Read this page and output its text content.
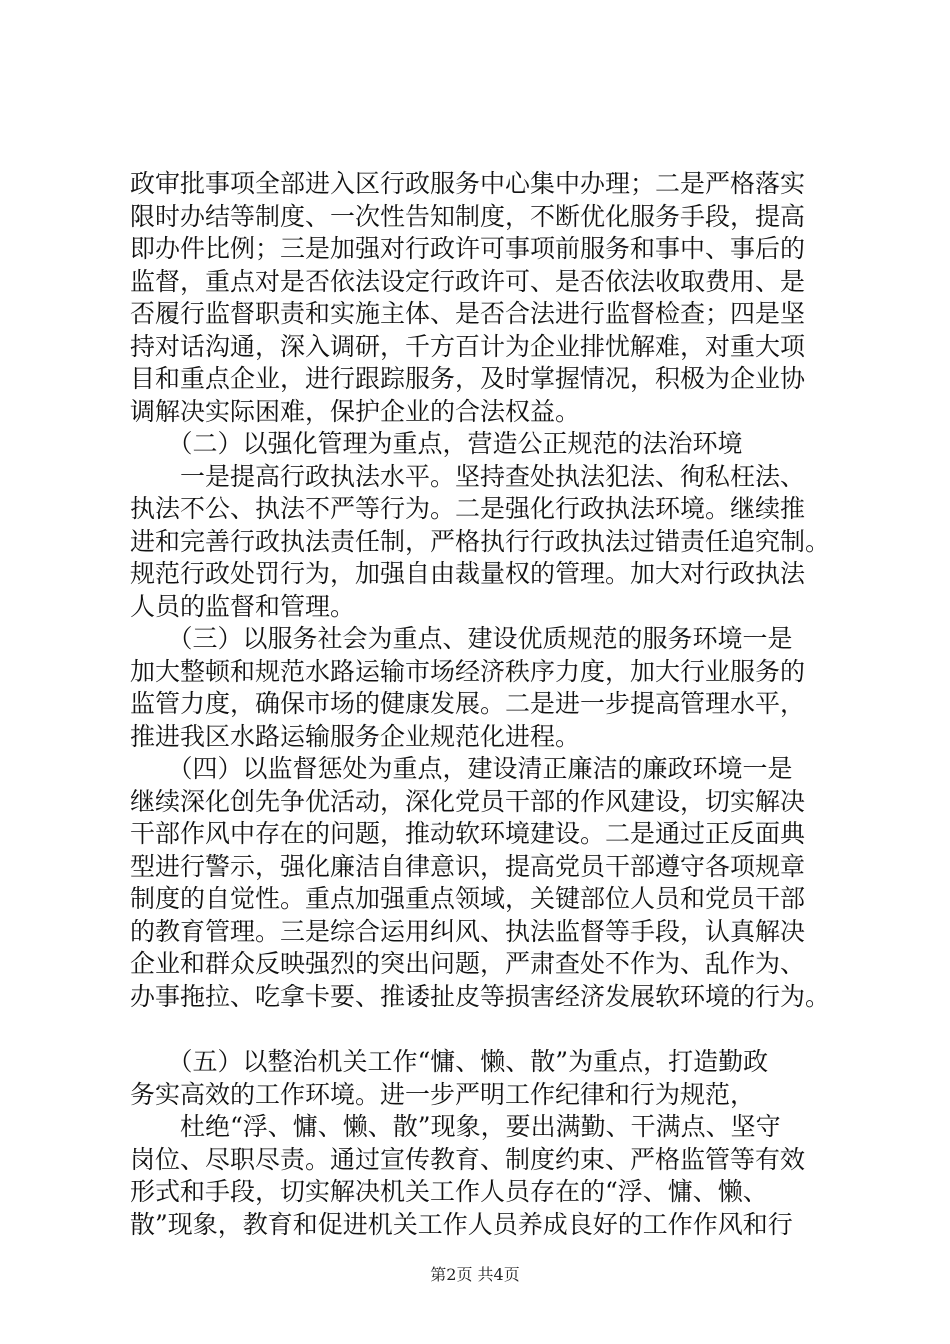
政审批事项全部进入区行政服务中心集中办理；二是严格落实
限时办结等制度、一次性告知制度，不断优化服务手段，提高
即办件比例；三是加强对行政许可事项前服务和事中、事后的
监督，重点对是否依法设定行政许可、是否依法收取费用、是
否履行监督职责和实施主体、是否合法进行监督检查；四是坚
持对话沟通，深入调研，千方百计为企业排忧解难，对重大项
目和重点企业，进行跟踪服务，及时掌握情况，积极为企业协
调解决实际困难，保护企业的合法权益。
　　（二）以强化管理为重点，营造公正规范的法治环境
　　一是提高行政执法水平。坚持查处执法犯法、徇私枉法、
执法不公、执法不严等行为。二是强化行政执法环境。继续推
进和完善行政执法责任制，严格执行行政执法过错责任追究制。
规范行政处罚行为，加强自由裁量权的管理。加大对行政执法
人员的监督和管理。
　　（三）以服务社会为重点、建设优质规范的服务环境一是
加大整顿和规范水路运输市场经济秩序力度，加大行业服务的
监管力度，确保市场的健康发展。二是进一步提高管理水平，
推进我区水路运输服务企业规范化进程。
　　（四）以监督惩处为重点，建设清正廉洁的廉政环境一是
继续深化创先争优活动，深化党员干部的作风建设，切实解决
干部作风中存在的问题，推动软环境建设。二是通过正反面典
型进行警示，强化廉洁自律意识，提高党员干部遵守各项规章
制度的自觉性。重点加强重点领域，关键部位人员和党员干部
的教育管理。三是综合运用纠风、执法监督等手段，认真解决
企业和群众反映强烈的突出问题，严肃查处不作为、乱作为、
办事拖拉、吃拿卡要、推诿扯皮等损害经济发展软环境的行为。
　　（五）以整治机关工作“慵、懒、散”为重点，打造勤政
务实高效的工作环境。进一步严明工作纪律和行为规范，
　　杜绝“浮、慵、懒、散”现象，要出满勤、干满点、坚守
岗位、尽职尽责。通过宣传教育、制度约束、严格监管等有效
形式和手段，切实解决机关工作人员存在的“浮、慵、懒、
散”现象，教育和促进机关工作人员养成良好的工作作风和行
第2页 共4页
